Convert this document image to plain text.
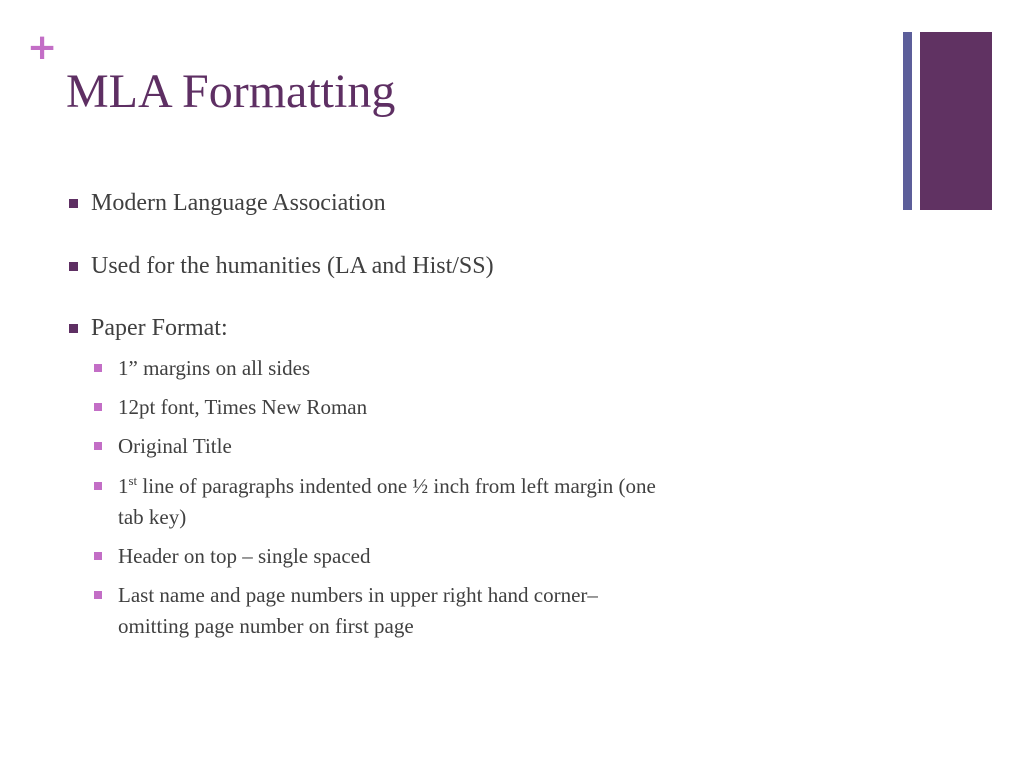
+
MLA Formatting
Modern Language Association
Used for the humanities (LA and Hist/SS)
Paper Format:
1” margins on all sides
12pt font, Times New Roman
Original Title
1st line of paragraphs indented one ½ inch from left margin (one
tab key)
Header on top – single spaced
Last name and page numbers in upper right hand corner–
omitting page number on first page
